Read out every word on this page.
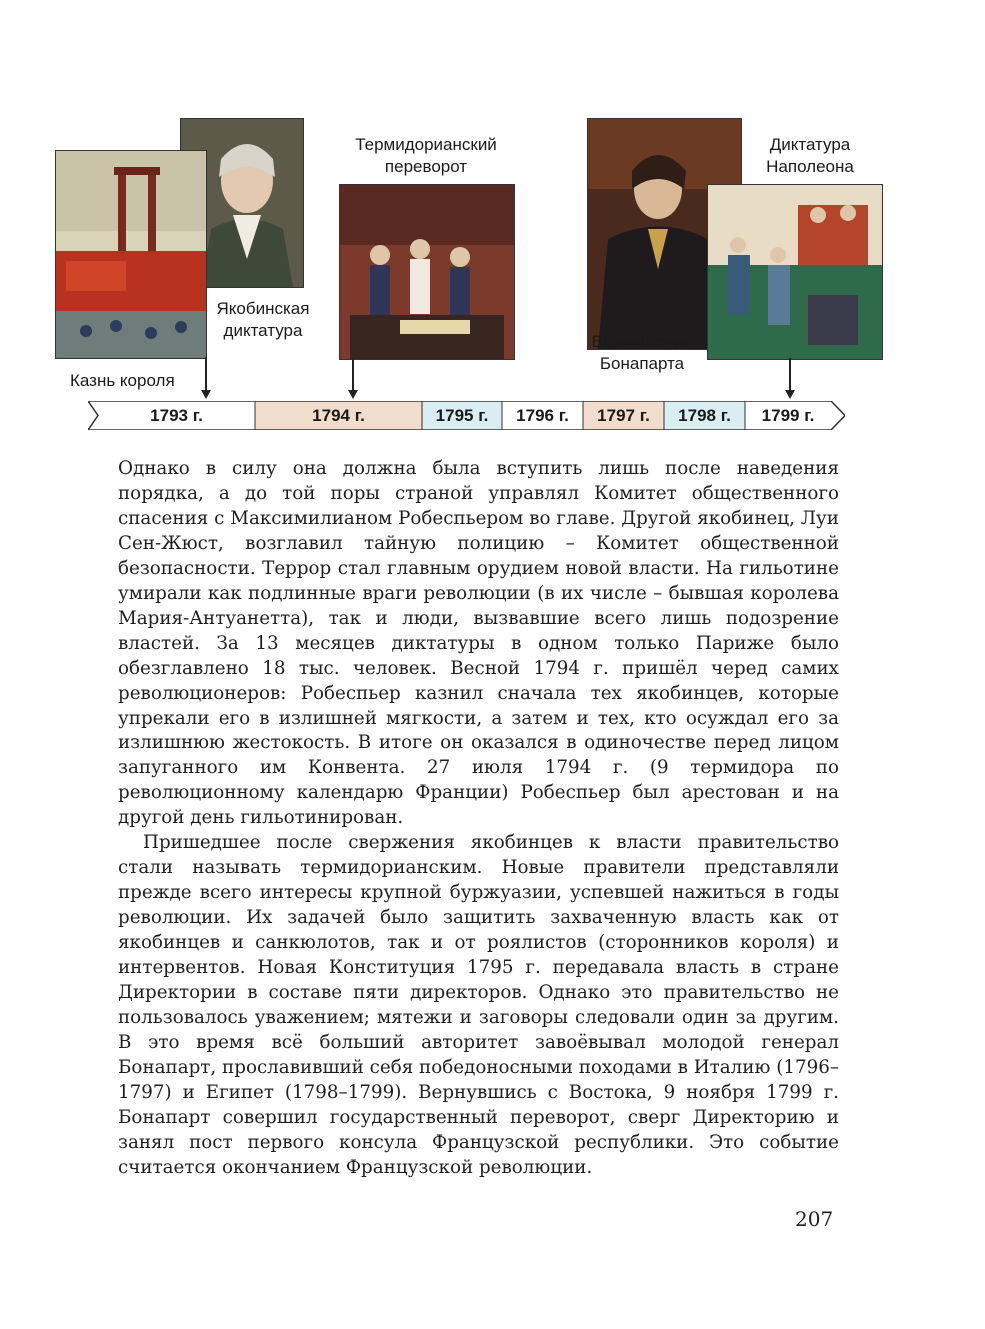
Казнь короля
Якобинская
диктатура
Термидорианский
переворот
Возвышение
Бонапарта
Диктатура
Наполеона
1793 г.	1794 г.	1795 г.	1796 г.	1797 г.	1798 г.	1799 г.

Однако в силу она должна была вступить лишь после наведения порядка, а до той поры страной управлял Комитет общественного спасения с Максимилианом Робеспьером во главе. Другой якобинец, Луи Сен-Жюст, возглавил тайную полицию – Комитет общественной безопасности. Террор стал главным орудием новой власти. На гильотине умирали как подлинные враги революции (в их числе – бывшая королева Мария-Антуанетта), так и люди, вызвавшие всего лишь подозрение властей. За 13 месяцев диктатуры в одном только Париже было обезглавлено 18 тыс. человек. Весной 1794 г. пришёл черед самих революционеров: Робеспьер казнил сначала тех якобинцев, которые упрекали его в излишней мягкости, а затем и тех, кто осуждал его за излишнюю жестокость. В итоге он оказался в одиночестве перед лицом запуганного им Конвента. 27 июля 1794 г. (9 термидора по революционному календарю Франции) Робеспьер был арестован и на другой день гильотинирован.

Пришедшее после свержения якобинцев к власти правительство стали называть термидорианским. Новые правители представляли прежде всего интересы крупной буржуазии, успевшей нажиться в годы революции. Их задачей было защитить захваченную власть как от якобинцев и санкюлотов, так и от роялистов (сторонников короля) и интервентов. Новая Конституция 1795 г. передавала власть в стране Директории в составе пяти директоров. Однако это правительство не пользовалось уважением; мятежи и заговоры следовали один за другим. В это время всё больший авторитет завоёвывал молодой генерал Бонапарт, прославивший себя победоносными походами в Италию (1796–1797) и Египет (1798–1799). Вернувшись с Востока, 9 ноября 1799 г. Бонапарт совершил государственный переворот, сверг Директорию и занял пост первого консула Французской республики. Это событие считается окончанием Французской революции.

207
